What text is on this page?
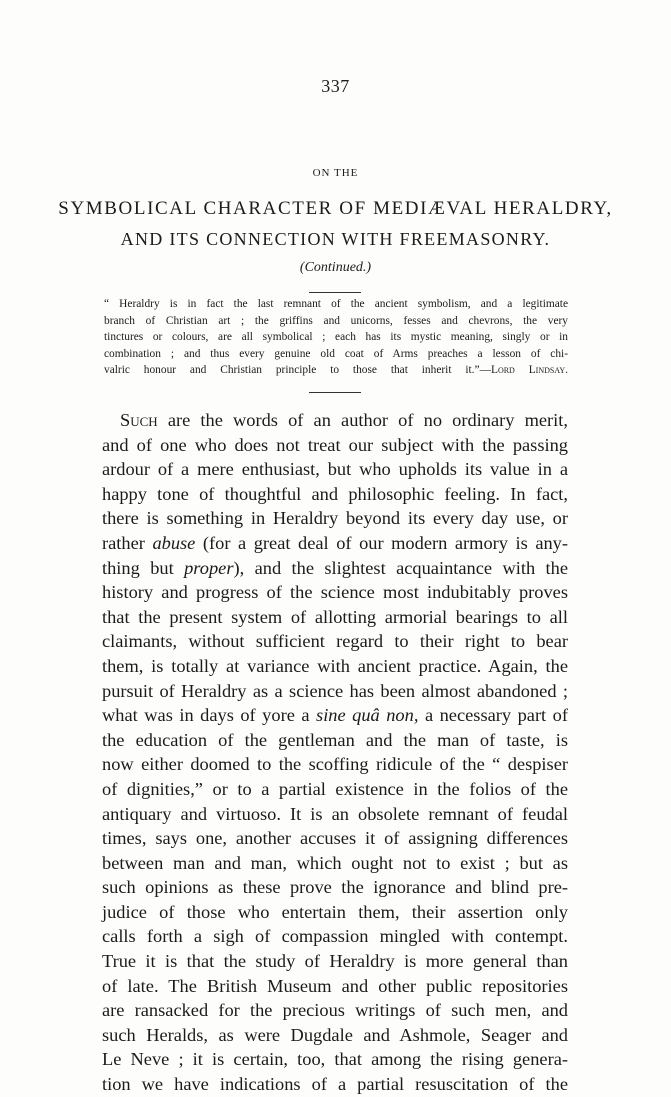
337
ON THE
SYMBOLICAL CHARACTER OF MEDIÆVAL HERALDRY,
AND ITS CONNECTION WITH FREEMASONRY.
(Continued.)
“ Heraldry is in fact the last remnant of the ancient symbolism, and a legitimate
branch of Christian art ; the griffins and unicorns, fesses and chevrons, the very
tinctures or colours, are all symbolical ; each has its mystic meaning, singly or in
combination ; and thus every genuine old coat of Arms preaches a lesson of chi-
valric honour and Christian principle to those that inherit it.”—Lord Lindsay.
Such are the words of an author of no ordinary merit,
and of one who does not treat our subject with the passing
ardour of a mere enthusiast, but who upholds its value in a
happy tone of thoughtful and philosophic feeling. In fact,
there is something in Heraldry beyond its every day use, or
rather abuse (for a great deal of our modern armory is any-
thing but proper), and the slightest acquaintance with the
history and progress of the science most indubitably proves
that the present system of allotting armorial bearings to all
claimants, without sufficient regard to their right to bear
them, is totally at variance with ancient practice. Again, the
pursuit of Heraldry as a science has been almost abandoned ;
what was in days of yore a sine quâ non, a necessary part of
the education of the gentleman and the man of taste, is
now either doomed to the scoffing ridicule of the “ despiser
of dignities,” or to a partial existence in the folios of the
antiquary and virtuoso. It is an obsolete remnant of feudal
times, says one, another accuses it of assigning differences
between man and man, which ought not to exist ; but as
such opinions as these prove the ignorance and blind pre-
judice of those who entertain them, their assertion only
calls forth a sigh of compassion mingled with contempt.
True it is that the study of Heraldry is more general than
of late. The British Museum and other public repositories
are ransacked for the precious writings of such men, and
such Heralds, as were Dugdale and Ashmole, Seager and
Le Neve ; it is certain, too, that among the rising genera-
tion we have indications of a partial resuscitation of the
